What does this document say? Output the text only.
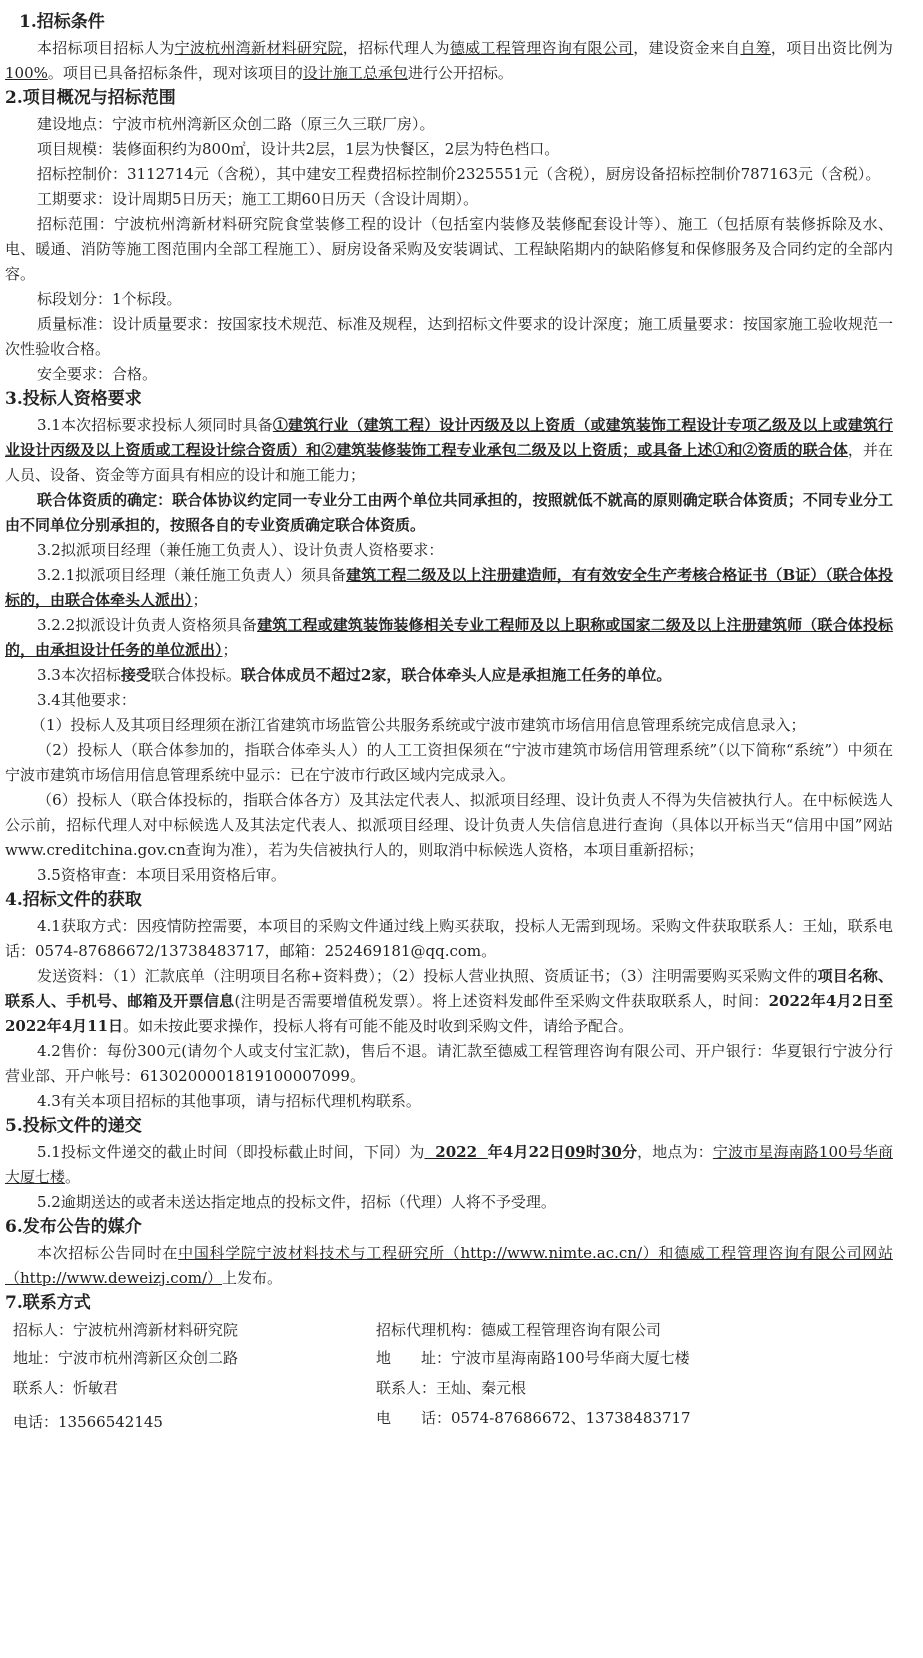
1.招标条件

本招标项目招标人为宁波杭州湾新材料研究院，招标代理人为德威工程管理咨询有限公司，建设资金来自自筹，项目出资比例为100%。项目已具备招标条件，现对该项目的设计施工总承包进行公开招标。

2.项目概况与招标范围

建设地点：宁波市杭州湾新区众创二路（原三久三联厂房）。

项目规模：装修面积约为800㎡，设计共2层，1层为快餐区，2层为特色档口。

招标控制价：3112714元（含税），其中建安工程费招标控制价2325551元（含税），厨房设备招标控制价787163元（含税）。

工期要求：设计周期5日历天；施工工期60日历天（含设计周期）。

招标范围：宁波杭州湾新材料研究院食堂装修工程的设计（包括室内装修及装修配套设计等）、施工（包括原有装修拆除及水、电、暖通、消防等施工图范围内全部工程施工）、厨房设备采购及安装调试、工程缺陷期内的缺陷修复和保修服务及合同约定的全部内容。

标段划分：1个标段。

质量标准：设计质量要求：按国家技术规范、标准及规程，达到招标文件要求的设计深度；施工质量要求：按国家施工验收规范一次性验收合格。

安全要求：合格。

3.投标人资格要求

3.1本次招标要求投标人须同时具备①建筑行业（建筑工程）设计丙级及以上资质（或建筑装饰工程设计专项乙级及以上或建筑行业设计丙级及以上资质或工程设计综合资质）和②建筑装修装饰工程专业承包二级及以上资质；或具备上述①和②资质的联合体，并在人员、设备、资金等方面具有相应的设计和施工能力；

联合体资质的确定：联合体协议约定同一专业分工由两个单位共同承担的，按照就低不就高的原则确定联合体资质；不同专业分工由不同单位分别承担的，按照各自的专业资质确定联合体资质。

3.2拟派项目经理（兼任施工负责人）、设计负责人资格要求：

3.2.1拟派项目经理（兼任施工负责人）须具备建筑工程二级及以上注册建造师，有有效安全生产考核合格证书（B证）（联合体投标的，由联合体牵头人派出）；

3.2.2拟派设计负责人资格须具备建筑工程或建筑装饰装修相关专业工程师及以上职称或国家二级及以上注册建筑师（联合体投标的，由承担设计任务的单位派出）；

3.3本次招标接受联合体投标。联合体成员不超过2家，联合体牵头人应是承担施工任务的单位。

3.4其他要求：

（1）投标人及其项目经理须在浙江省建筑市场监管公共服务系统或宁波市建筑市场信用信息管理系统完成信息录入；

（2）投标人（联合体参加的，指联合体牵头人）的人工工资担保须在“宁波市建筑市场信用管理系统”（以下简称“系统”）中须在宁波市建筑市场信用信息管理系统中显示：已在宁波市行政区域内完成录入。

（6）投标人（联合体投标的，指联合体各方）及其法定代表人、拟派项目经理、设计负责人不得为失信被执行人。在中标候选人公示前，招标代理人对中标候选人及其法定代表人、拟派项目经理、设计负责人失信信息进行查询（具体以开标当天“信用中国”网站www.creditchina.gov.cn查询为准），若为失信被执行人的，则取消中标候选人资格，本项目重新招标；

3.5资格审查：本项目采用资格后审。

4.招标文件的获取

4.1获取方式：因疫情防控需要，本项目的采购文件通过线上购买获取，投标人无需到现场。采购文件获取联系人：王灿，联系电话：0574-87686672/13738483717，邮箱：252469181@qq.com。

发送资料：（1）汇款底单（注明项目名称+资料费）；（2）投标人营业执照、资质证书；（3）注明需要购买采购文件的项目名称、联系人、手机号、邮箱及开票信息(注明是否需要增值税发票）。将上述资料发邮件至采购文件获取联系人，时间：2022年4月2日至2022年4月11日。如未按此要求操作，投标人将有可能不能及时收到采购文件，请给予配合。

4.2售价：每份300元(请勿个人或支付宝汇款)，售后不退。请汇款至德威工程管理咨询有限公司、开户银行：华夏银行宁波分行营业部、开户帐号：613020000181910000​7099。

4.3有关本项目招标的其他事项，请与招标代理机构联系。

5.投标文件的递交

5.1投标文件递交的截止时间（即投标截止时间，下同）为  2022  年4月22日09时30分，地点为：宁波市星海南路100号华商大厦七楼。

5.2逾期送达的或者未送达指定地点的投标文件，招标（代理）人将不予受理。

6.发布公告的媒介

本次招标公告同时在中国科学院宁波材料技术与工程研究所（http://www.nimte.ac.cn/）和德威工程管理咨询有限公司网站（http://www.deweizj.com/）上发布。

7.联系方式
招标人：宁波杭州湾新材料研究院
地址：宁波市杭州湾新区众创二路
联系人：忻敏君
电话：13566542145
招标代理机构：德威工程管理咨询有限公司
地 址：宁波市星海南路100号华商大厦七楼
联系人：王灿、秦元根
电 话：0574-87686672、13738483717
